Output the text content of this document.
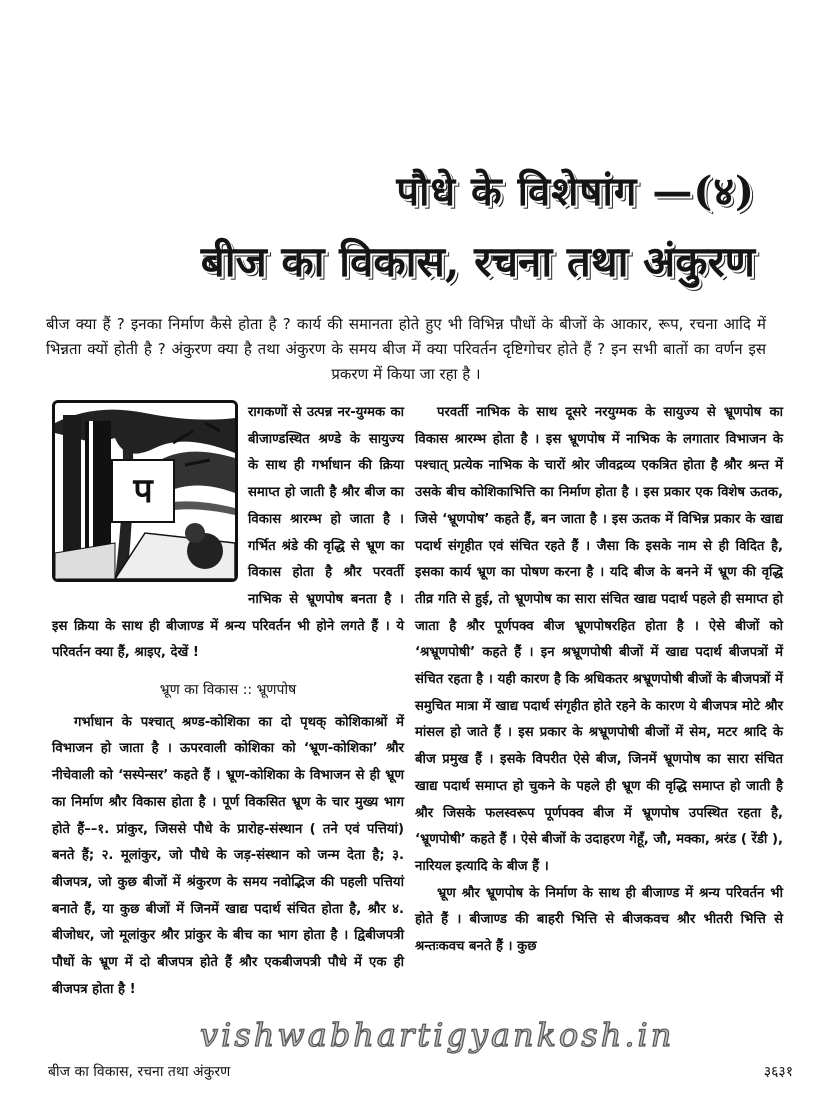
पौधे के विशेषांग —(४)
बीज का विकास, रचना तथा अंकुरण

बीज क्या हैं ? इनका निर्माण कैसे होता है ? कार्य की समानता होते हुए भी विभिन्न पौधों के बीजों के आकार, रूप, रचना आदि में भिन्नता क्यों होती है ? अंकुरण क्या है तथा अंकुरण के समय बीज में क्या परिवर्तन दृष्टिगोचर होते हैं ? इन सभी बातों का वर्णन इस प्रकरण में किया जा रहा है ।

प

रागकणों से उत्पन्न नर-युग्मक का बीजाण्डस्थित श्रण्डे के सायुज्य के साथ ही गर्भाधान की क्रिया समाप्त हो जाती है श्रौर बीज का विकास श्रारम्भ हो जाता है । गर्भित श्रंडे की वृद्धि से भ्रूण का विकास होता है श्रौर परवर्ती नाभिक से भ्रूणपोष बनता है । इस क्रिया के साथ ही बीजाण्ड में श्रन्य परिवर्तन भी होने लगते हैं । ये परिवर्तन क्या हैं, श्राइए, देखें !

भ्रूण का विकास :: भ्रूणपोष

गर्भाधान के पश्चात् श्रण्ड-कोशिका का दो पृथक् कोशिकाश्रों में विभाजन हो जाता है । ऊपरवाली कोशिका को ‘भ्रूण-कोशिका’ श्रौर नीचेवाली को ‘सस्पेन्सर’ कहते हैं । भ्रूण-कोशिका के विभाजन से ही भ्रूण का निर्माण श्रौर विकास होता है । पूर्ण विकसित भ्रूण के चार मुख्य भाग होते हैं––१. प्रांकुर, जिससे पौधे के प्रारोह-संस्थान ( तने एवं पत्तियां) बनते हैं; २. मूलांकुर, जो पौधे के जड़-संस्थान को जन्म देता है; ३. बीजपत्र, जो कुछ बीजों में श्रंकुरण के समय नवोद्भिज की पहली पत्तियां बनाते हैं, या कुछ बीजों में जिनमें खाद्य पदार्थ संचित होता है, श्रौर ४. बीजोधर, जो मूलांकुर श्रौर प्रांकुर के बीच का भाग होता है । द्विबीजपत्री पौधों के भ्रूण में दो बीजपत्र होते हैं श्रौर एकबीजपत्री पौधे में एक ही बीजपत्र होता है !

परवर्ती नाभिक के साथ दूसरे नरयुग्मक के सायुज्य से भ्रूणपोष का विकास श्रारम्भ होता है । इस भ्रूणपोष में नाभिक के लगातार विभाजन के पश्चात् प्रत्येक नाभिक के चारों श्रोर जीवद्रव्य एकत्रित होता है श्रौर श्रन्त में उसके बीच कोशिकाभित्ति का निर्माण होता है । इस प्रकार एक विशेष ऊतक, जिसे ‘भ्रूणपोष’ कहते हैं, बन जाता है । इस ऊतक में विभिन्न प्रकार के खाद्य पदार्थ संगृहीत एवं संचित रहते हैं । जैसा कि इसके नाम से ही विदित है, इसका कार्य भ्रूण का पोषण करना है । यदि बीज के बनने में भ्रूण की वृद्धि तीव्र गति से हुई, तो भ्रूणपोष का सारा संचित खाद्य पदार्थ पहले ही समाप्त हो जाता है श्रौर पूर्णपक्व बीज भ्रूणपोषरहित होता है । ऐसे बीजों को ‘श्रभ्रूणपोषी’ कहते हैं । इन श्रभ्रूणपोषी बीजों में खाद्य पदार्थ बीजपत्रों में संचित रहता है । यही कारण है कि श्रधिकतर श्रभ्रूणपोषी बीजों के बीजपत्रों में समुचित मात्रा में खाद्य पदार्थ संगृहीत होते रहने के कारण ये बीजपत्र मोटे श्रौर मांसल हो जाते हैं । इस प्रकार के श्रभ्रूणपोषी बीजों में सेम, मटर श्रादि के बीज प्रमुख हैं । इसके विपरीत ऐसे बीज, जिनमें भ्रूणपोष का सारा संचित खाद्य पदार्थ समाप्त हो चुकने के पहले ही भ्रूण की वृद्धि समाप्त हो जाती है श्रौर जिसके फलस्वरूप पूर्णपक्व बीज में भ्रूणपोष उपस्थित रहता है, ‘भ्रूणपोषी’ कहते हैं । ऐसे बीजों के उदाहरण गेहूँ, जौ, मक्का, श्ररंड ( रेंडी ), नारियल इत्यादि के बीज हैं ।

भ्रूण श्रौर भ्रूणपोष के निर्माण के साथ ही बीजाण्ड में श्रन्य परिवर्तन भी होते हैं । बीजाण्ड की बाहरी भित्ति से बीजकवच श्रौर भीतरी भित्ति से श्रन्तःकवच बनते हैं । कुछ

vishwabhartigyankosh.in
बीज का विकास, रचना तथा अंकुरण	३६३१
